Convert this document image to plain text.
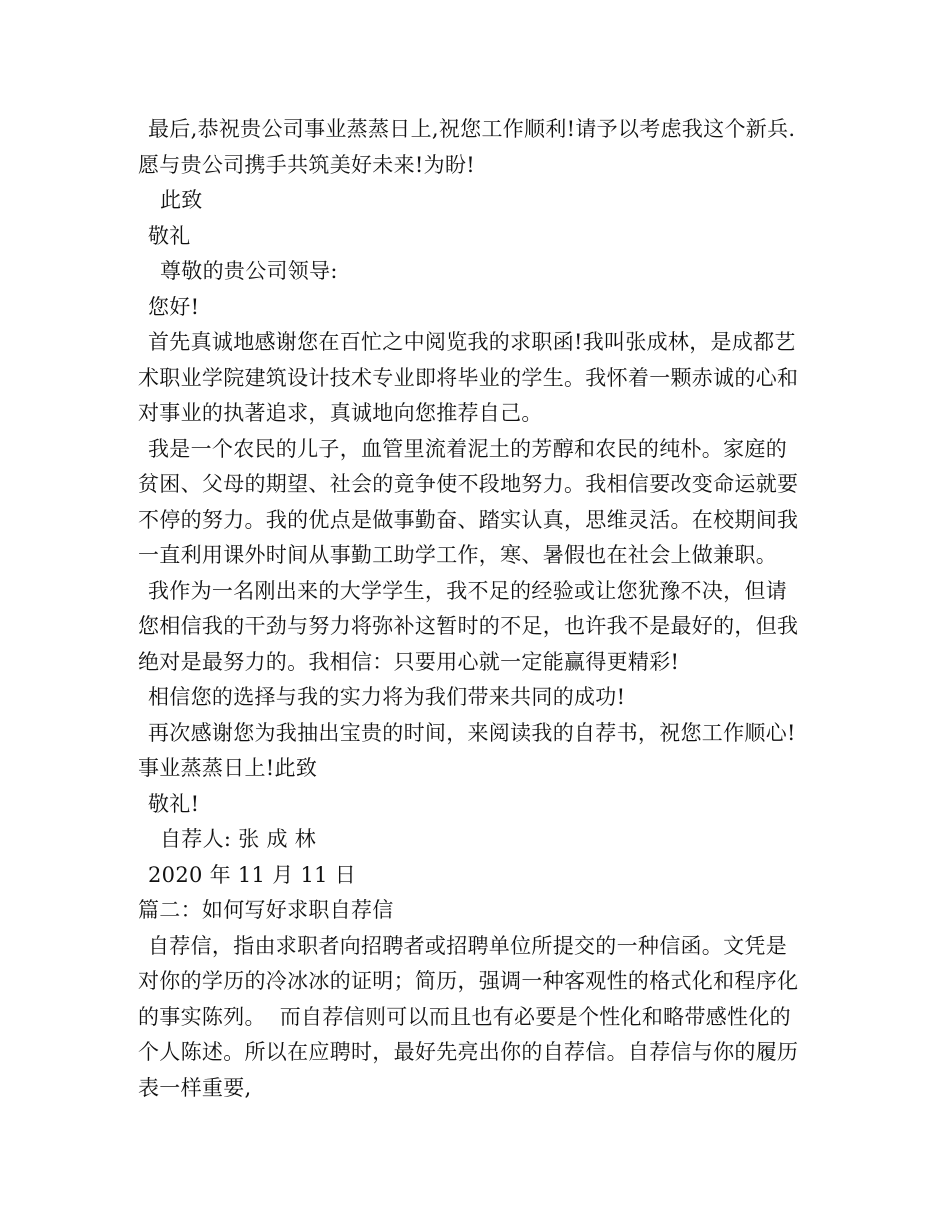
最后,恭祝贵公司事业蒸蒸日上,祝您工作顺利!请予以考虑我这个新兵.

愿与贵公司携手共筑美好未来!为盼!

此致

敬礼

尊敬的贵公司领导:

您好!

首先真诚地感谢您在百忙之中阅览我的求职函!我叫张成林，是成都艺

术职业学院建筑设计技术专业即将毕业的学生。我怀着一颗赤诚的心和

对事业的执著追求，真诚地向您推荐自己。

我是一个农民的儿子，血管里流着泥土的芳醇和农民的纯朴。家庭的

贫困、父母的期望、社会的竟争使不段地努力。我相信要改变命运就要

不停的努力。我的优点是做事勤奋、踏实认真，思维灵活。在校期间我

一直利用课外时间从事勤工助学工作，寒、暑假也在社会上做兼职。

我作为一名刚出来的大学学生，我不足的经验或让您犹豫不决，但请

您相信我的干劲与努力将弥补这暂时的不足，也许我不是最好的，但我

绝对是最努力的。我相信：只要用心就一定能赢得更精彩!

相信您的选择与我的实力将为我们带来共同的成功!

再次感谢您为我抽出宝贵的时间，来阅读我的自荐书，祝您工作顺心!

事业蒸蒸日上!此致

敬礼!

自荐人: 张 成 林

2020 年 11 月 11 日

篇二：如何写好求职自荐信

自荐信，指由求职者向招聘者或招聘单位所提交的一种信函。文凭是

对你的学历的冷冰冰的证明；简历，强调一种客观性的格式化和程序化

的事实陈列。  而自荐信则可以而且也有必要是个性化和略带感性化的

个人陈述。所以在应聘时，最好先亮出你的自荐信。自荐信与你的履历

表一样重要,
